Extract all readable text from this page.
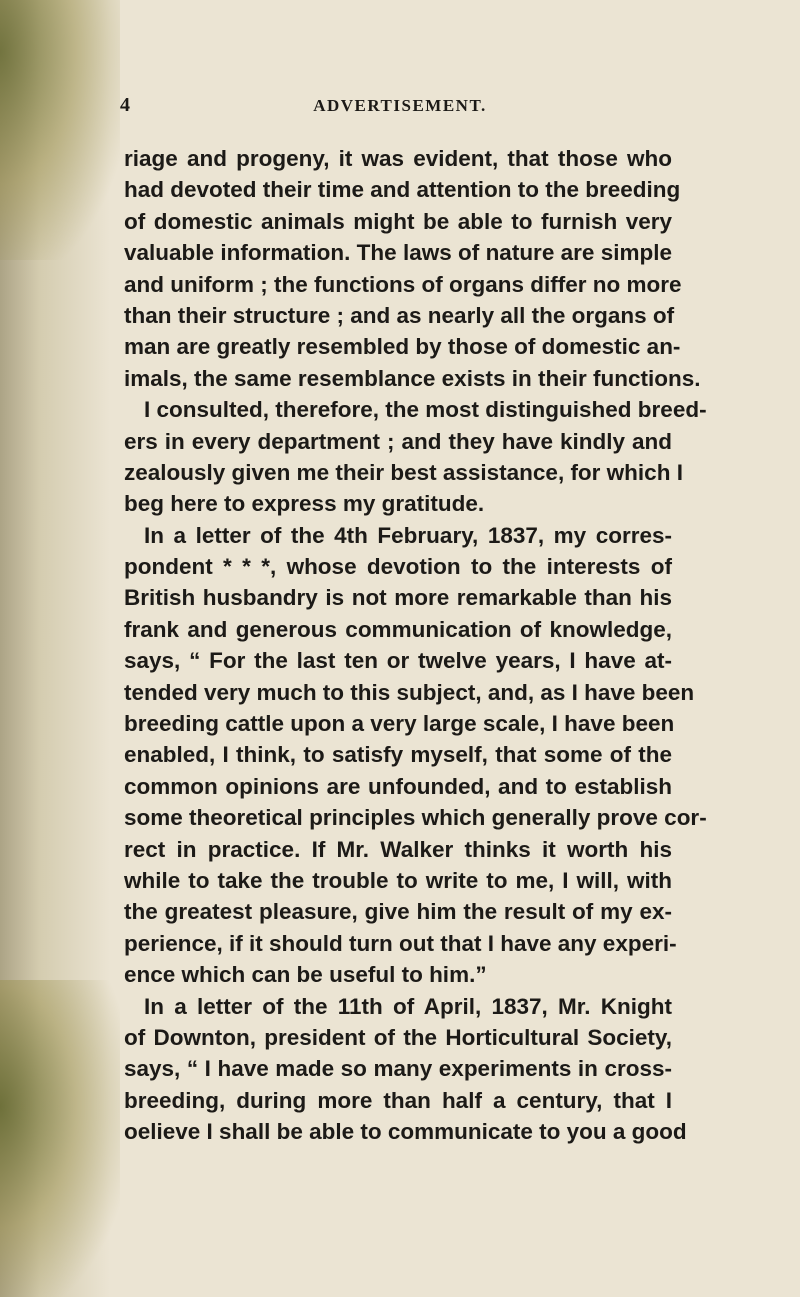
4	ADVERTISEMENT.
riage and progeny, it was evident, that those who
had devoted their time and attention to the breeding
of domestic animals might be able to furnish very
valuable information. The laws of nature are simple
and uniform ; the functions of organs differ no more
than their structure ; and as nearly all the organs of
man are greatly resembled by those of domestic an-
imals, the same resemblance exists in their functions.
I consulted, therefore, the most distinguished breed-
ers in every department ; and they have kindly and
zealously given me their best assistance, for which I
beg here to express my gratitude.
In a letter of the 4th February, 1837, my corres-
pondent * * *, whose devotion to the interests of
British husbandry is not more remarkable than his
frank and generous communication of knowledge,
says, “ For the last ten or twelve years, I have at-
tended very much to this subject, and, as I have been
breeding cattle upon a very large scale, I have been
enabled, I think, to satisfy myself, that some of the
common opinions are unfounded, and to establish
some theoretical principles which generally prove cor-
rect in practice. If Mr. Walker thinks it worth his
while to take the trouble to write to me, I will, with
the greatest pleasure, give him the result of my ex-
perience, if it should turn out that I have any experi-
ence which can be useful to him.”
In a letter of the 11th of April, 1837, Mr. Knight
of Downton, president of the Horticultural Society,
says, “ I have made so many experiments in cross-
breeding, during more than half a century, that I
oelieve I shall be able to communicate to you a good
